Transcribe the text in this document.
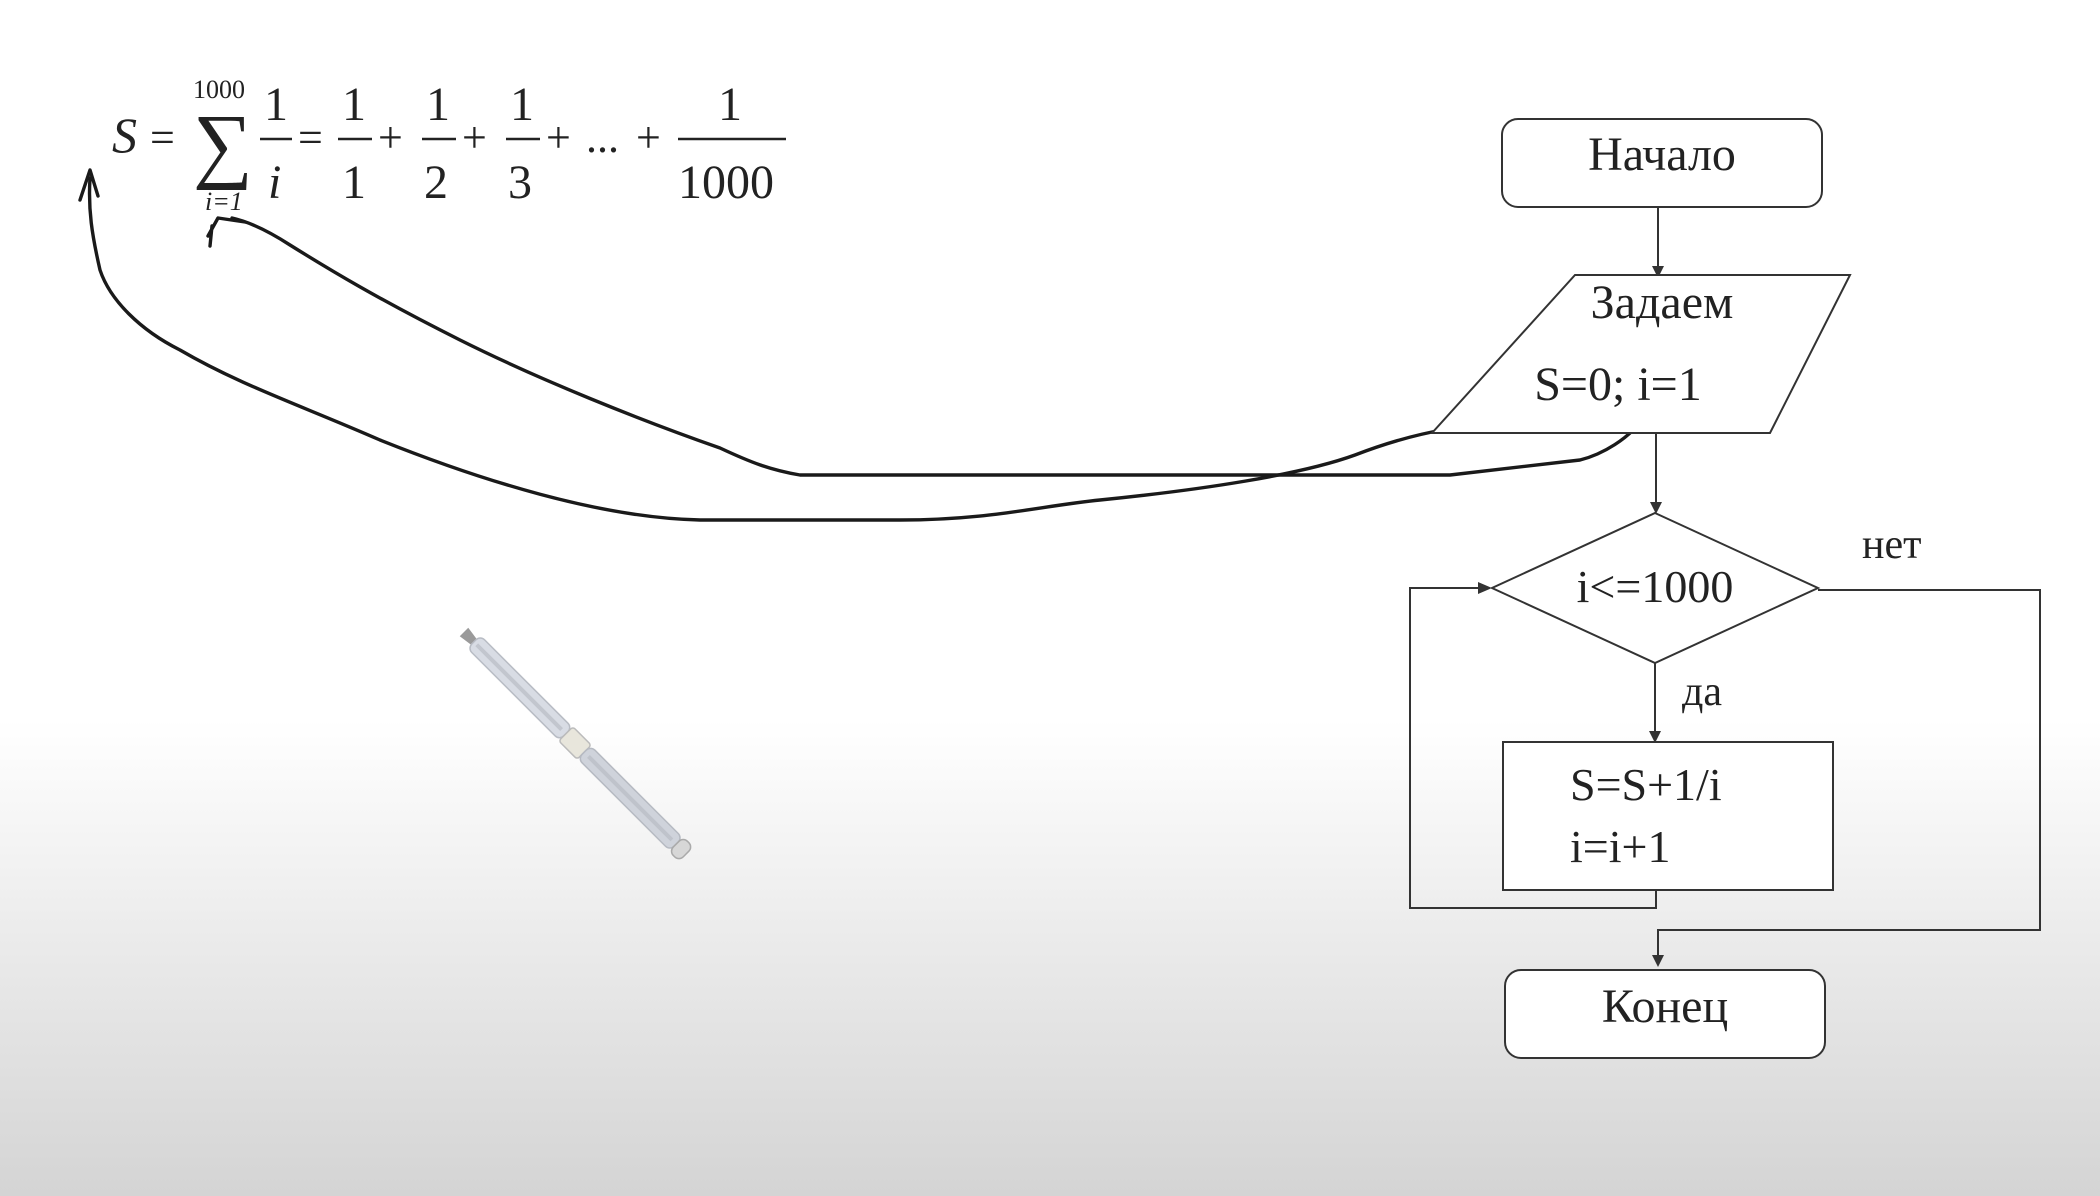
S =
1000
∑
i=1
1
i
=
1
1
+
1
2
+
1
3
+ ... +
1
1000
Начало
Задаем
S=0; i=1
i<=1000
нет
да
S=S+1/i
i=i+1
Конец
